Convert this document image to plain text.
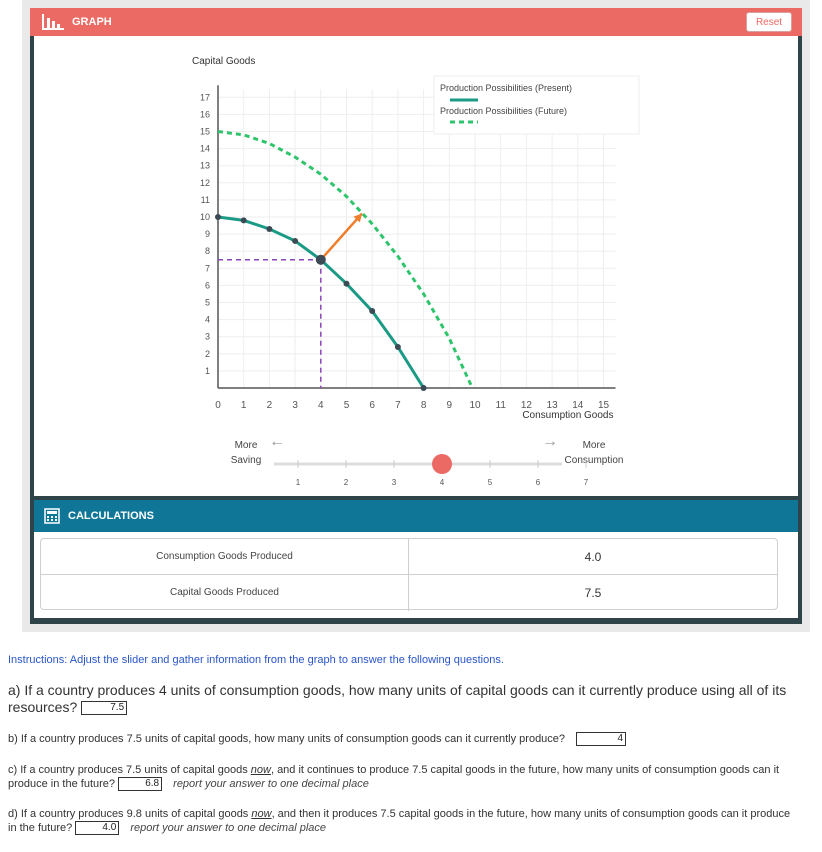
GRAPH	Reset
0 1 2 3 4 5 6 7 8 9 10 11 12 13 14 15
1
2
3
4
5
6
7
8
9
10
11
12
13
14
15
16
17
Capital Goods
Consumption Goods
Production Possibilities (Present)
Production Possibilities (Future)
More
Saving
←	More
Consumption
→
1	2	3	4	5	6	7
CALCULATIONS
Consumption Goods Produced	4.0
Capital Goods Produced	7.5
Instructions: Adjust the slider and gather information from the graph to answer the following questions.
a) If a country produces 4 units of consumption goods, how many units of capital goods can it currently produce using all of its resources?	7.5
b) If a country produces 7.5 units of capital goods, how many units of consumption goods can it currently produce?	4
c) If a country produces 7.5 units of capital goods now, and it continues to produce 7.5 capital goods in the future, how many units of consumption goods can it produce in the future?	6.8 report your answer to one decimal place
d) If a country produces 9.8 units of capital goods now, and then it produces 7.5 capital goods in the future, how many units of consumption goods can it produce in the future?	4.0 report your answer to one decimal place
